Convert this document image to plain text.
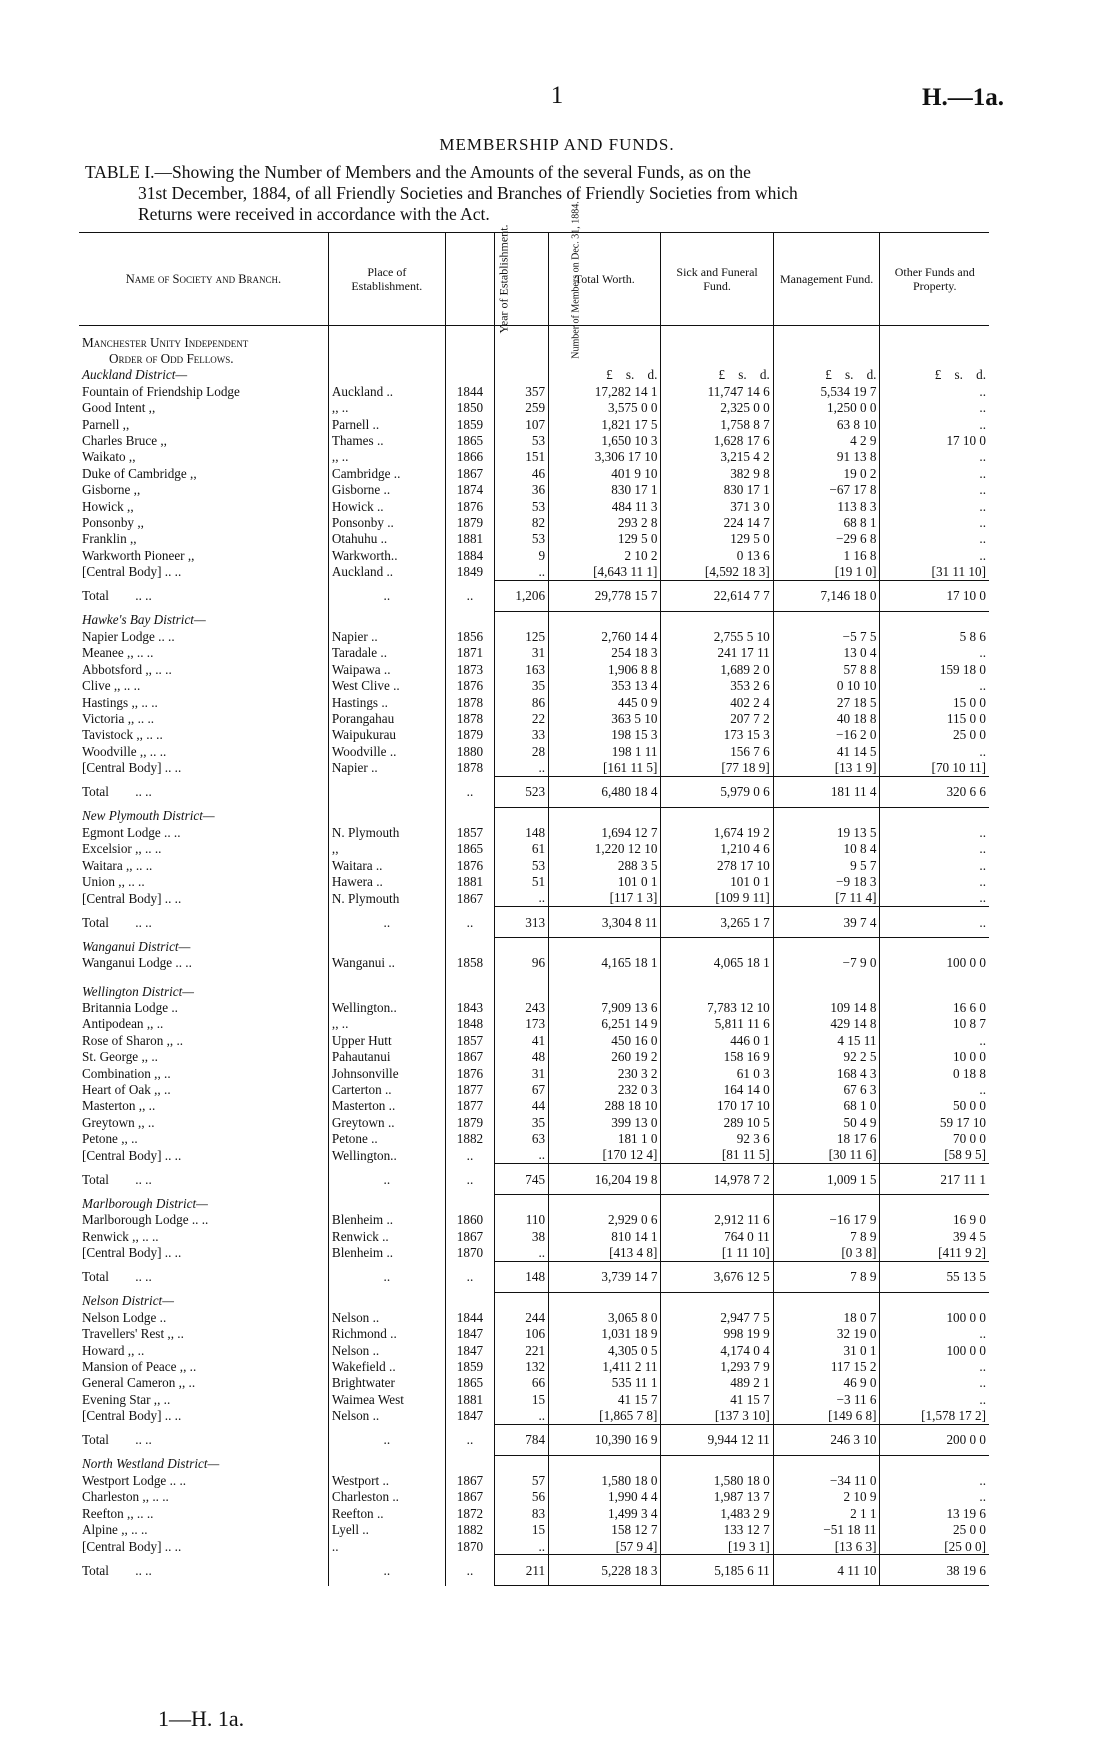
1	H.—1a.
MEMBERSHIP AND FUNDS.
TABLE I.—Showing the Number of Members and the Amounts of the several Funds, as on the
31st December, 1884, of all Friendly Societies and Branches of Friendly Societies from which
Returns were received in accordance with the Act.
Name of Society and Branch.	Place of Establishment.	Year of Establishment.	Number of Members on Dec. 31, 1884.	Total Worth.	Sick and Funeral Fund.	Management Fund.	Other Funds and Property.

Manchester Unity Independent							
Order of Odd Fellows.							
Auckland District—				£ s. d.	£ s. d.	£ s. d.	£ s. d.
Fountain of Friendship Lodge	Auckland ..	1844	357	17,282 14 1	11,747 14 6	5,534 19 7	..
Good Intent ,,	,, ..	1850	259	3,575 0 0	2,325 0 0	1,250 0 0	..
Parnell ,,	Parnell ..	1859	107	1,821 17 5	1,758 8 7	63 8 10	..
Charles Bruce ,,	Thames ..	1865	53	1,650 10 3	1,628 17 6	4 2 9	17 10 0
Waikato ,,	,, ..	1866	151	3,306 17 10	3,215 4 2	91 13 8	..
Duke of Cambridge ,,	Cambridge ..	1867	46	401 9 10	382 9 8	19 0 2	..
Gisborne ,,	Gisborne ..	1874	36	830 17 1	830 17 1	−67 17 8	..
Howick ,,	Howick ..	1876	53	484 11 3	371 3 0	113 8 3	..
Ponsonby ,,	Ponsonby ..	1879	82	293 2 8	224 14 7	68 8 1	..
Franklin ,,	Otahuhu ..	1881	53	129 5 0	129 5 0	−29 6 8	..
Warkworth Pioneer ,,	Warkworth..	1884	9	2 10 2	0 13 6	1 16 8	..
[Central Body] .. ..	Auckland ..	1849	..	[4,643 11 1]	[4,592 18 3]	[19 1 0]	[31 11 10]
Total  .. ..	..	..	1,206	29,778 15 7	22,614 7 7	7,146 18 0	17 10 0
Hawke's Bay District—							
Napier Lodge .. ..	Napier ..	1856	125	2,760 14 4	2,755 5 10	−5 7 5	5 8 6
Meanee ,, .. ..	Taradale ..	1871	31	254 18 3	241 17 11	13 0 4	..
Abbotsford ,, .. ..	Waipawa ..	1873	163	1,906 8 8	1,689 2 0	57 8 8	159 18 0
Clive ,, .. ..	West Clive ..	1876	35	353 13 4	353 2 6	0 10 10	..
Hastings ,, .. ..	Hastings ..	1878	86	445 0 9	402 2 4	27 18 5	15 0 0
Victoria ,, .. ..	Porangahau	1878	22	363 5 10	207 7 2	40 18 8	115 0 0
Tavistock ,, .. ..	Waipukurau	1879	33	198 15 3	173 15 3	−16 2 0	25 0 0
Woodville ,, .. ..	Woodville ..	1880	28	198 1 11	156 7 6	41 14 5	..
[Central Body] .. ..	Napier ..	1878	..	[161 11 5]	[77 18 9]	[13 1 9]	[70 10 11]
Total  .. ..		..	523	6,480 18 4	5,979 0 6	181 11 4	320 6 6
New Plymouth District—							
Egmont Lodge .. ..	N. Plymouth	1857	148	1,694 12 7	1,674 19 2	19 13 5	..
Excelsior ,, .. ..	,,	1865	61	1,220 12 10	1,210 4 6	10 8 4	..
Waitara ,, .. ..	Waitara ..	1876	53	288 3 5	278 17 10	9 5 7	..
Union ,, .. ..	Hawera ..	1881	51	101 0 1	101 0 1	−9 18 3	..
[Central Body] .. ..	N. Plymouth	1867	..	[117 1 3]	[109 9 11]	[7 11 4]	..
Total  .. ..	..	..	313	3,304 8 11	3,265 1 7	39 7 4	..
Wanganui District—							
Wanganui Lodge .. ..	Wanganui ..	1858	96	4,165 18 1	4,065 18 1	−7 9 0	100 0 0

Wellington District—							
Britannia Lodge ..	Wellington..	1843	243	7,909 13 6	7,783 12 10	109 14 8	16 6 0
Antipodean ,, ..	,, ..	1848	173	6,251 14 9	5,811 11 6	429 14 8	10 8 7
Rose of Sharon ,, ..	Upper Hutt	1857	41	450 16 0	446 0 1	4 15 11	..
St. George ,, ..	Pahautanui	1867	48	260 19 2	158 16 9	92 2 5	10 0 0
Combination ,, ..	Johnsonville	1876	31	230 3 2	61 0 3	168 4 3	0 18 8
Heart of Oak ,, ..	Carterton ..	1877	67	232 0 3	164 14 0	67 6 3	..
Masterton ,, ..	Masterton ..	1877	44	288 18 10	170 17 10	68 1 0	50 0 0
Greytown ,, ..	Greytown ..	1879	35	399 13 0	289 10 5	50 4 9	59 17 10
Petone ,, ..	Petone ..	1882	63	181 1 0	92 3 6	18 17 6	70 0 0
[Central Body] .. ..	Wellington..	..	..	[170 12 4]	[81 11 5]	[30 11 6]	[58 9 5]
Total  .. ..	..	..	745	16,204 19 8	14,978 7 2	1,009 1 5	217 11 1
Marlborough District—							
Marlborough Lodge .. ..	Blenheim ..	1860	110	2,929 0 6	2,912 11 6	−16 17 9	16 9 0
Renwick ,, .. ..	Renwick ..	1867	38	810 14 1	764 0 11	7 8 9	39 4 5
[Central Body] .. ..	Blenheim ..	1870	..	[413 4 8]	[1 11 10]	[0 3 8]	[411 9 2]
Total  .. ..	..	..	148	3,739 14 7	3,676 12 5	7 8 9	55 13 5
Nelson District—							
Nelson Lodge ..	Nelson ..	1844	244	3,065 8 0	2,947 7 5	18 0 7	100 0 0
Travellers' Rest ,, ..	Richmond ..	1847	106	1,031 18 9	998 19 9	32 19 0	..
Howard ,, ..	Nelson ..	1847	221	4,305 0 5	4,174 0 4	31 0 1	100 0 0
Mansion of Peace ,, ..	Wakefield ..	1859	132	1,411 2 11	1,293 7 9	117 15 2	..
General Cameron ,, ..	Brightwater	1865	66	535 11 1	489 2 1	46 9 0	..
Evening Star ,, ..	Waimea West	1881	15	41 15 7	41 15 7	−3 11 6	..
[Central Body] .. ..	Nelson ..	1847	..	[1,865 7 8]	[137 3 10]	[149 6 8]	[1,578 17 2]
Total  .. ..	..	..	784	10,390 16 9	9,944 12 11	246 3 10	200 0 0
North Westland District—							
Westport Lodge .. ..	Westport ..	1867	57	1,580 18 0	1,580 18 0	−34 11 0	..
Charleston ,, .. ..	Charleston ..	1867	56	1,990 4 4	1,987 13 7	2 10 9	..
Reefton ,, .. ..	Reefton ..	1872	83	1,499 3 4	1,483 2 9	2 1 1	13 19 6
Alpine ,, .. ..	Lyell ..	1882	15	158 12 7	133 12 7	−51 18 11	25 0 0
[Central Body] .. ..	..	1870	..	[57 9 4]	[19 3 1]	[13 6 3]	[25 0 0]
Total  .. ..	..	..	211	5,228 18 3	5,185 6 11	4 11 10	38 19 6
1—H. 1a.
